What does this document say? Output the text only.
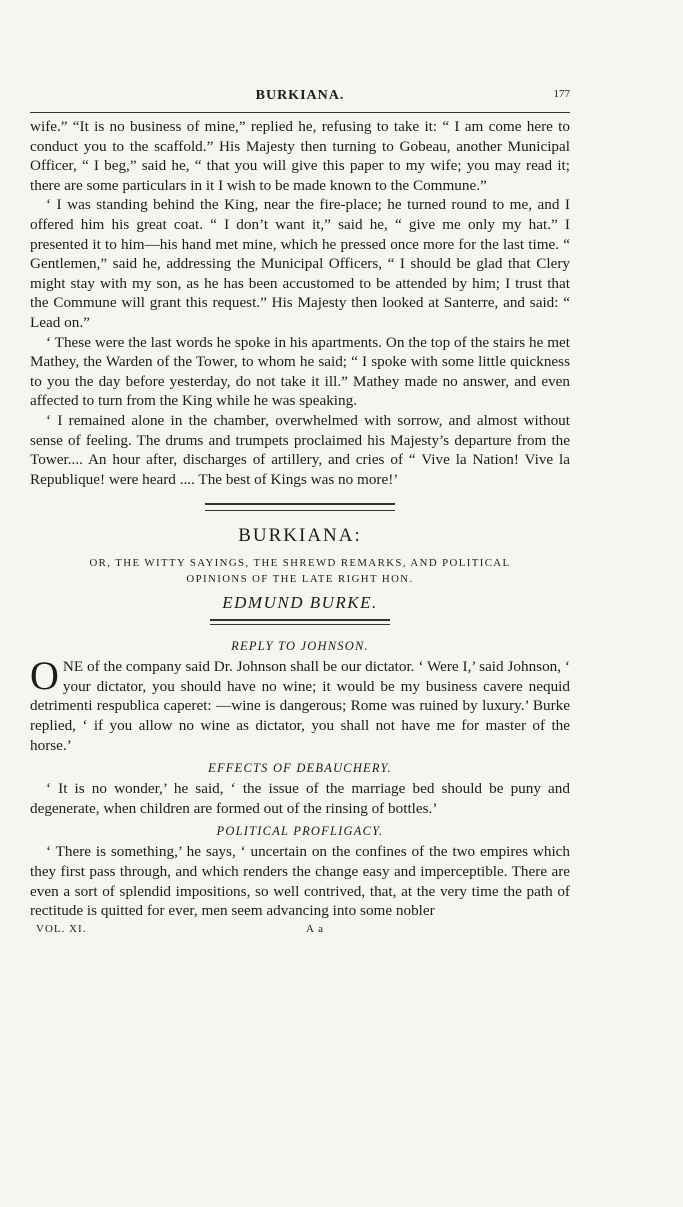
BURKIANA.	177

wife.” “It is no business of mine,” replied he, refusing to take it: “ I am come here to conduct you to the scaffold.” His Majesty then turning to Gobeau, another Municipal Officer, “ I beg,” said he, “ that you will give this paper to my wife; you may read it; there are some particulars in it I wish to be made known to the Commune.”

‘ I was standing behind the King, near the fire-place; he turned round to me, and I offered him his great coat. “ I don’t want it,” said he, “ give me only my hat.” I presented it to him—his hand met mine, which he pressed once more for the last time. “ Gentlemen,” said he, addressing the Municipal Officers, “ I should be glad that Clery might stay with my son, as he has been accustomed to be attended by him; I trust that the Commune will grant this request.” His Majesty then looked at Santerre, and said: “ Lead on.”

‘ These were the last words he spoke in his apartments. On the top of the stairs he met Mathey, the Warden of the Tower, to whom he said; “ I spoke with some little quickness to you the day before yesterday, do not take it ill.” Mathey made no answer, and even affected to turn from the King while he was speaking.

‘ I remained alone in the chamber, overwhelmed with sorrow, and almost without sense of feeling. The drums and trumpets proclaimed his Majesty’s departure from the Tower.... An hour after, discharges of artillery, and cries of “ Vive la Nation! Vive la Republique! were heard .... The best of Kings was no more!’

BURKIANA:
OR, THE WITTY SAYINGS, THE SHREWD REMARKS, AND POLITICAL
OPINIONS OF THE LATE RIGHT HON.
EDMUND BURKE.
REPLY TO JOHNSON.

ONE of the company said Dr. Johnson shall be our dictator. ‘ Were I,’ said Johnson, ‘ your dictator, you should have no wine; it would be my business cavere nequid detrimenti respublica caperet: —wine is dangerous; Rome was ruined by luxury.’ Burke replied, ‘ if you allow no wine as dictator, you shall not have me for master of the horse.’

EFFECTS OF DEBAUCHERY.

‘ It is no wonder,’ he said, ‘ the issue of the marriage bed should be puny and degenerate, when children are formed out of the rinsing of bottles.’

POLITICAL PROFLIGACY.

‘ There is something,’ he says, ‘ uncertain on the confines of the two empires which they first pass through, and which renders the change easy and imperceptible. There are even a sort of splendid impositions, so well contrived, that, at the very time the path of rectitude is quitted for ever, men seem advancing into some nobler

VOL. XI.	A a
